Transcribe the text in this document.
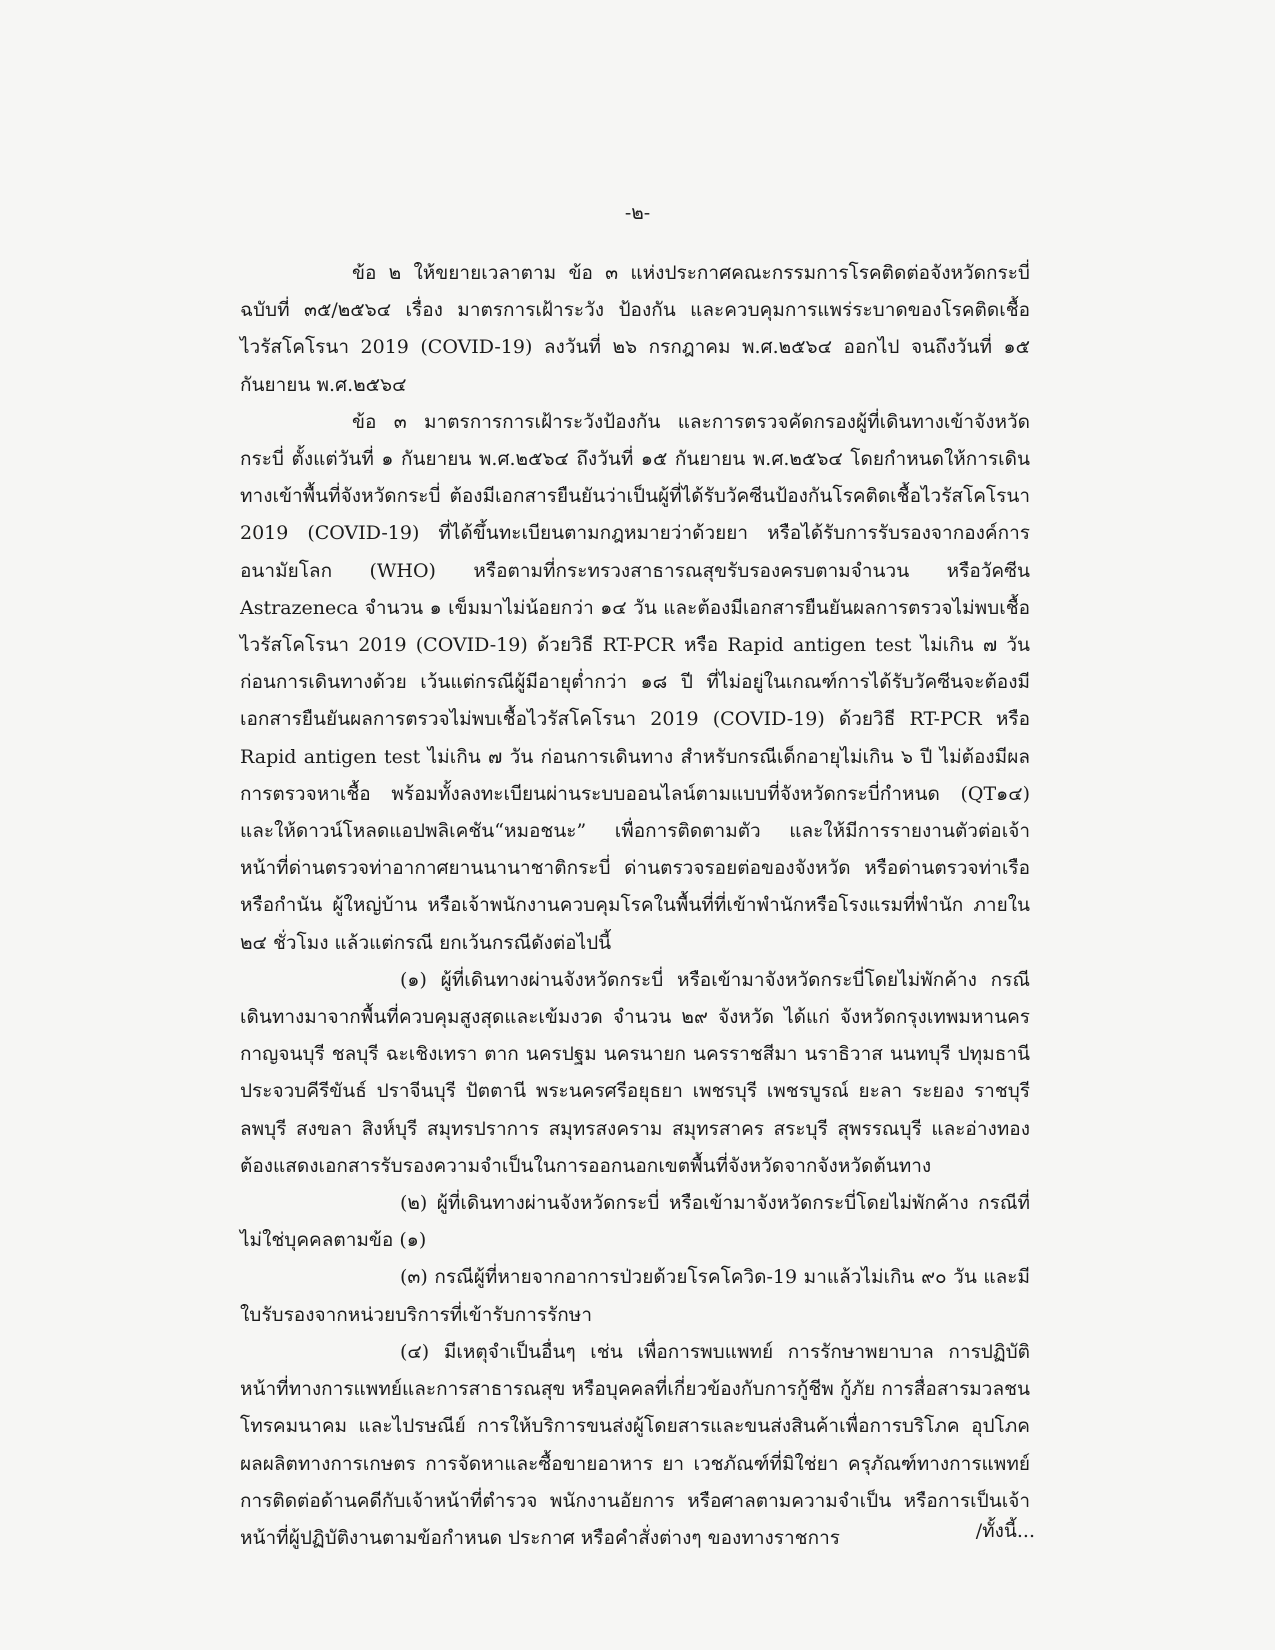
-๒-

ข้อ ๒ ให้ขยายเวลาตาม ข้อ ๓ แห่งประกาศคณะกรรมการโรคติดต่อจังหวัดกระบี่ ฉบับที่ ๓๕/๒๕๖๔ เรื่อง มาตรการเฝ้าระวัง ป้องกัน และควบคุมการแพร่ระบาดของโรคติดเชื้อไวรัสโคโรนา 2019 (COVID-19) ลงวันที่ ๒๖ กรกฎาคม พ.ศ.๒๕๖๔ ออกไป จนถึงวันที่ ๑๕ กันยายน พ.ศ.๒๕๖๔

ข้อ ๓ มาตรการการเฝ้าระวังป้องกัน และการตรวจคัดกรองผู้ที่เดินทางเข้าจังหวัดกระบี่ ตั้งแต่วันที่ ๑ กันยายน พ.ศ.๒๕๖๔ ถึงวันที่ ๑๕ กันยายน พ.ศ.๒๕๖๔ โดยกำหนดให้การเดินทางเข้าพื้นที่จังหวัดกระบี่ ต้องมีเอกสารยืนยันว่าเป็นผู้ที่ได้รับวัคซีนป้องกันโรคติดเชื้อไวรัสโคโรนา 2019 (COVID-19) ที่ได้ขึ้นทะเบียนตามกฎหมายว่าด้วยยา หรือได้รับการรับรองจากองค์การอนามัยโลก (WHO) หรือตามที่กระทรวงสาธารณสุขรับรองครบตามจำนวน หรือวัคซีน Astrazeneca จำนวน ๑ เข็มมาไม่น้อยกว่า ๑๔ วัน และต้องมีเอกสารยืนยันผลการตรวจไม่พบเชื้อไวรัสโคโรนา 2019 (COVID-19) ด้วยวิธี RT-PCR หรือ Rapid antigen test ไม่เกิน ๗ วัน ก่อนการเดินทางด้วย เว้นแต่กรณีผู้มีอายุต่ำกว่า ๑๘ ปี ที่ไม่อยู่ในเกณฑ์การได้รับวัคซีนจะต้องมีเอกสารยืนยันผลการตรวจไม่พบเชื้อไวรัสโคโรนา 2019 (COVID-19) ด้วยวิธี RT-PCR หรือ Rapid antigen test ไม่เกิน ๗ วัน ก่อนการเดินทาง สำหรับกรณีเด็กอายุไม่เกิน ๖ ปี ไม่ต้องมีผลการตรวจหาเชื้อ พร้อมทั้งลงทะเบียนผ่านระบบออนไลน์ตามแบบที่จังหวัดกระบี่กำหนด (QT๑๔) และให้ดาวน์โหลดแอปพลิเคชัน“หมอชนะ” เพื่อการติดตามตัว และให้มีการรายงานตัวต่อเจ้าหน้าที่ด่านตรวจท่าอากาศยานนานาชาติกระบี่ ด่านตรวจรอยต่อของจังหวัด หรือด่านตรวจท่าเรือ หรือกำนัน ผู้ใหญ่บ้าน หรือเจ้าพนักงานควบคุมโรคในพื้นที่ที่เข้าพำนักหรือโรงแรมที่พำนัก ภายใน ๒๔ ชั่วโมง แล้วแต่กรณี ยกเว้นกรณีดังต่อไปนี้

(๑) ผู้ที่เดินทางผ่านจังหวัดกระบี่ หรือเข้ามาจังหวัดกระบี่โดยไม่พักค้าง กรณีเดินทางมาจากพื้นที่ควบคุมสูงสุดและเข้มงวด จำนวน ๒๙ จังหวัด ได้แก่ จังหวัดกรุงเทพมหานคร กาญจนบุรี ชลบุรี ฉะเชิงเทรา ตาก นครปฐม นครนายก นครราชสีมา นราธิวาส นนทบุรี ปทุมธานี ประจวบคีรีขันธ์ ปราจีนบุรี ปัตตานี พระนครศรีอยุธยา เพชรบุรี เพชรบูรณ์ ยะลา ระยอง ราชบุรี ลพบุรี สงขลา สิงห์บุรี สมุทรปราการ สมุทรสงคราม สมุทรสาคร สระบุรี สุพรรณบุรี และอ่างทอง ต้องแสดงเอกสารรับรองความจำเป็นในการออกนอกเขตพื้นที่จังหวัดจากจังหวัดต้นทาง

(๒) ผู้ที่เดินทางผ่านจังหวัดกระบี่ หรือเข้ามาจังหวัดกระบี่โดยไม่พักค้าง กรณีที่ไม่ใช่บุคคลตามข้อ (๑)

(๓) กรณีผู้ที่หายจากอาการป่วยด้วยโรคโควิด-19 มาแล้วไม่เกิน ๙๐ วัน และมีใบรับรองจากหน่วยบริการที่เข้ารับการรักษา

(๔) มีเหตุจำเป็นอื่นๆ เช่น เพื่อการพบแพทย์ การรักษาพยาบาล การปฏิบัติหน้าที่ทางการแพทย์และการสาธารณสุข หรือบุคคลที่เกี่ยวข้องกับการกู้ชีพ กู้ภัย การสื่อสารมวลชน โทรคมนาคม และไปรษณีย์ การให้บริการขนส่งผู้โดยสารและขนส่งสินค้าเพื่อการบริโภค อุปโภค ผลผลิตทางการเกษตร การจัดหาและซื้อขายอาหาร ยา เวชภัณฑ์ที่มิใช่ยา ครุภัณฑ์ทางการแพทย์ การติดต่อด้านคดีกับเจ้าหน้าที่ตำรวจ พนักงานอัยการ หรือศาลตามความจำเป็น หรือการเป็นเจ้าหน้าที่ผู้ปฏิบัติงานตามข้อกำหนด ประกาศ หรือคำสั่งต่างๆ ของทางราชการ	/ทั้งนี้...
